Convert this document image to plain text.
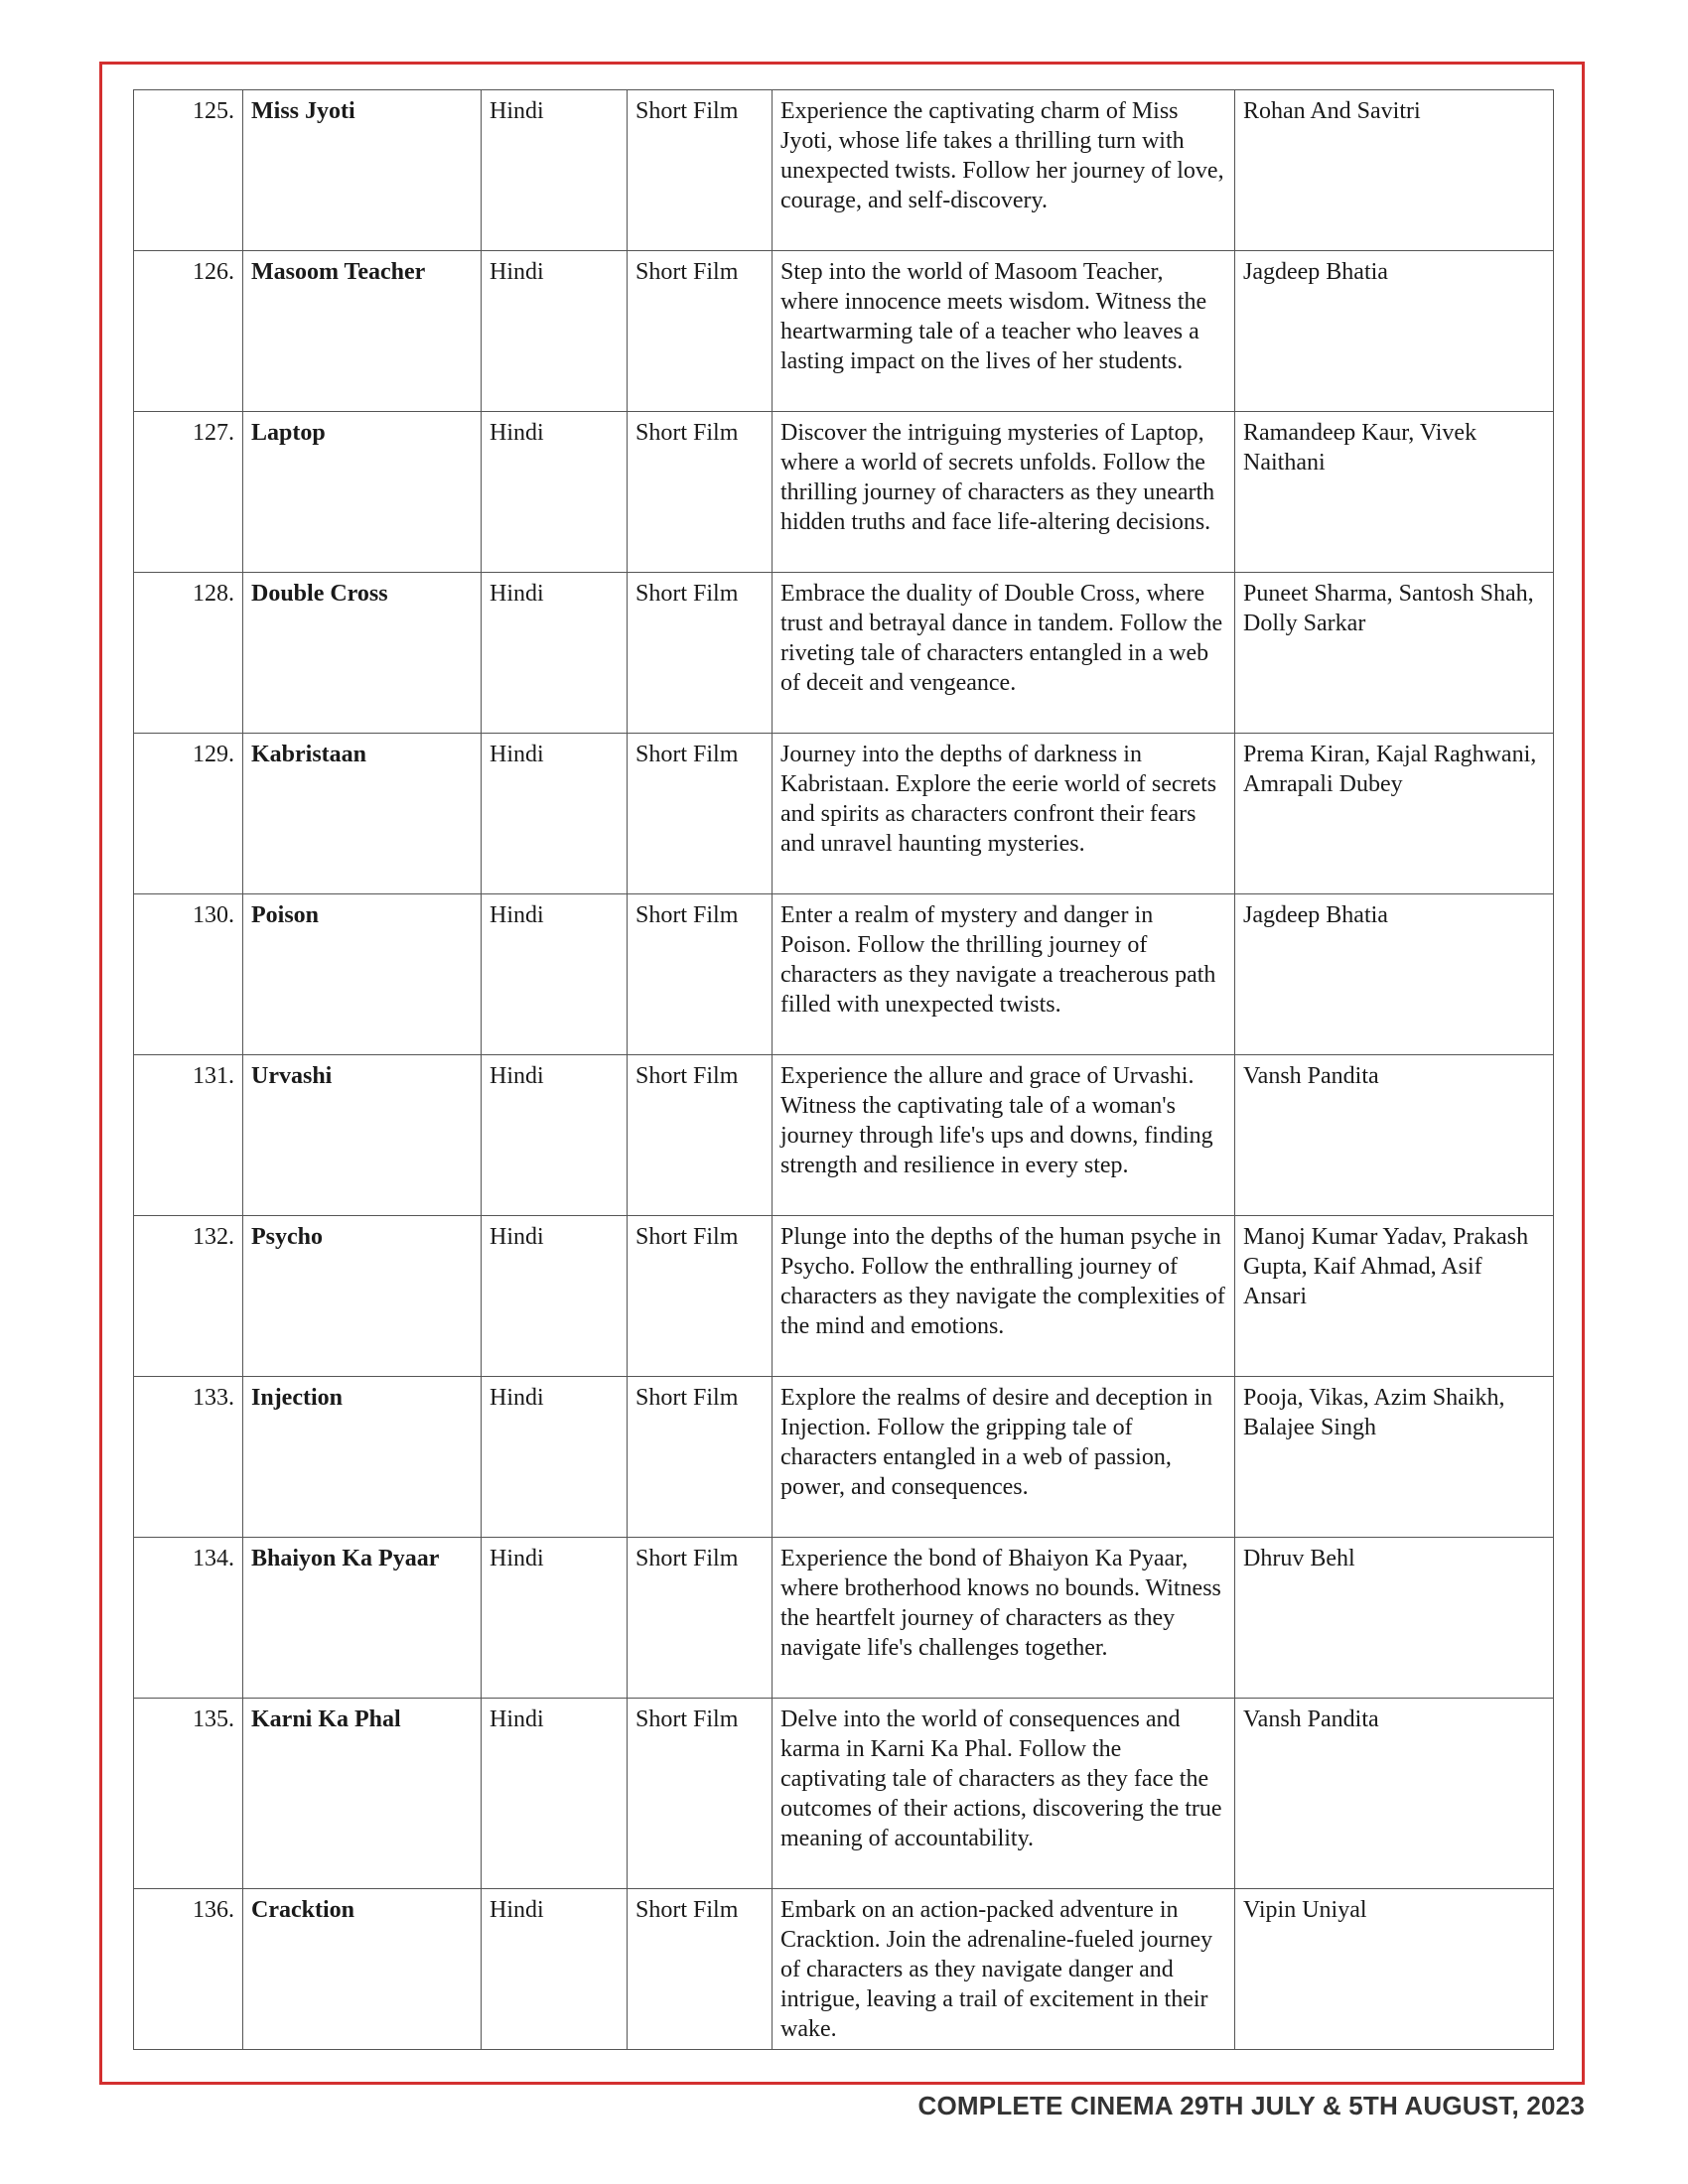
125.	Miss Jyoti	Hindi	Short Film	Experience the captivating charm of Miss Jyoti, whose life takes a thrilling turn with unexpected twists. Follow her journey of love, courage, and self-discovery.	Rohan And Savitri
126.	Masoom Teacher	Hindi	Short Film	Step into the world of Masoom Teacher, where innocence meets wisdom. Witness the heartwarming tale of a teacher who leaves a lasting impact on the lives of her students.	Jagdeep Bhatia
127.	Laptop	Hindi	Short Film	Discover the intriguing mysteries of Laptop, where a world of secrets unfolds. Follow the thrilling journey of characters as they unearth hidden truths and face life-altering decisions.	Ramandeep Kaur, Vivek Naithani
128.	Double Cross	Hindi	Short Film	Embrace the duality of Double Cross, where trust and betrayal dance in tandem. Follow the riveting tale of characters entangled in a web of deceit and vengeance.	Puneet Sharma, Santosh Shah, Dolly Sarkar
129.	Kabristaan	Hindi	Short Film	Journey into the depths of darkness in Kabristaan. Explore the eerie world of secrets and spirits as characters confront their fears and unravel haunting mysteries.	Prema Kiran, Kajal Raghwani, Amrapali Dubey
130.	Poison	Hindi	Short Film	Enter a realm of mystery and danger in Poison. Follow the thrilling journey of characters as they navigate a treacherous path filled with unexpected twists.	Jagdeep Bhatia
131.	Urvashi	Hindi	Short Film	Experience the allure and grace of Urvashi. Witness the captivating tale of a woman's journey through life's ups and downs, finding strength and resilience in every step.	Vansh Pandita
132.	Psycho	Hindi	Short Film	Plunge into the depths of the human psyche in Psycho. Follow the enthralling journey of characters as they navigate the complexities of the mind and emotions.	Manoj Kumar Yadav, Prakash Gupta, Kaif Ahmad, Asif Ansari
133.	Injection	Hindi	Short Film	Explore the realms of desire and deception in Injection. Follow the gripping tale of characters entangled in a web of passion, power, and consequences.	Pooja, Vikas, Azim Shaikh, Balajee Singh
134.	Bhaiyon Ka Pyaar	Hindi	Short Film	Experience the bond of Bhaiyon Ka Pyaar, where brotherhood knows no bounds. Witness the heartfelt journey of characters as they navigate life's challenges together.	Dhruv Behl
135.	Karni Ka Phal	Hindi	Short Film	Delve into the world of consequences and karma in Karni Ka Phal. Follow the captivating tale of characters as they face the outcomes of their actions, discovering the true meaning of accountability.	Vansh Pandita
136.	Cracktion	Hindi	Short Film	Embark on an action-packed adventure in Cracktion. Join the adrenaline-fueled journey of characters as they navigate danger and intrigue, leaving a trail of excitement in their wake.	Vipin Uniyal
COMPLETE CINEMA 29TH JULY & 5TH AUGUST, 2023
